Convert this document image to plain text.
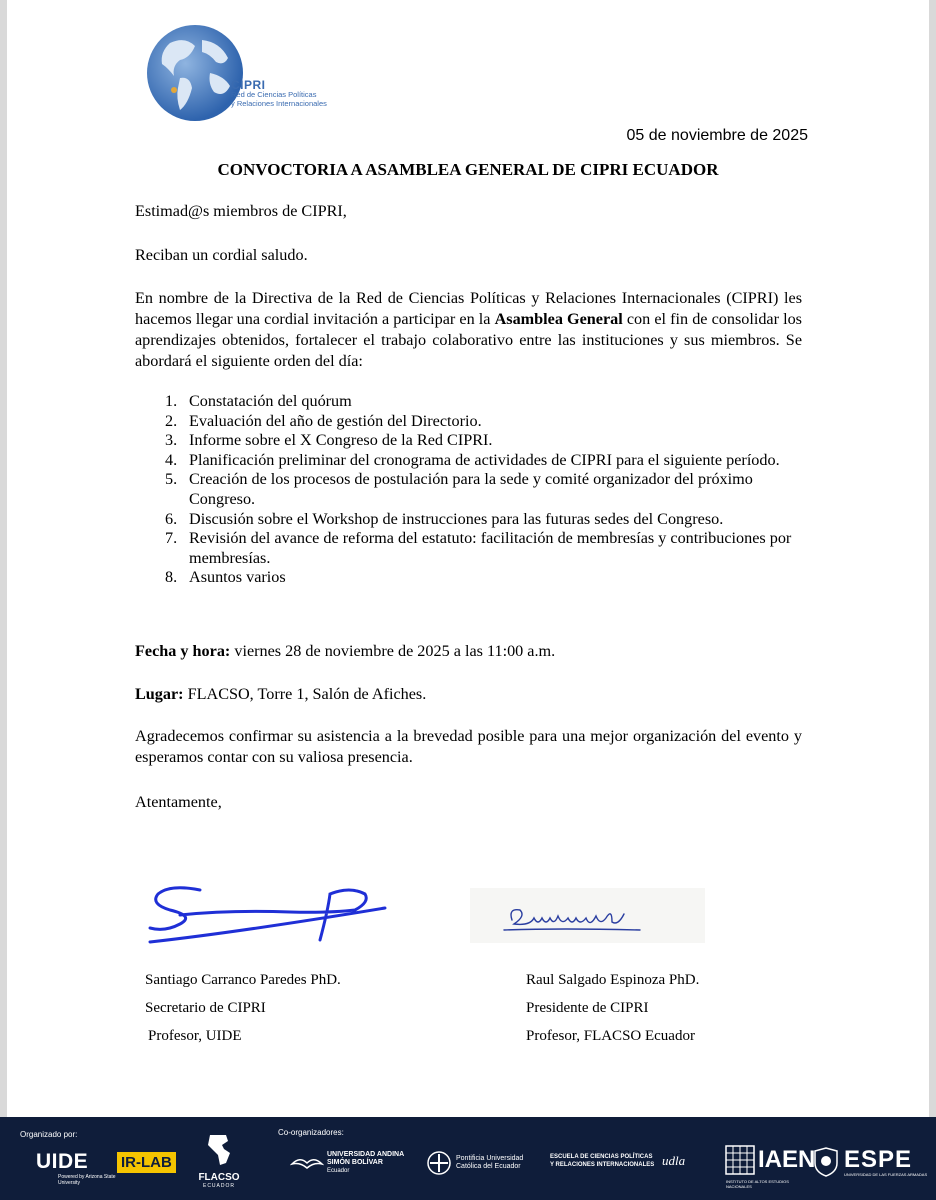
CIPRI

Red de Ciencias Políticas
y Relaciones Internacionales
05 de noviembre de 2025
CONVOCTORIA A ASAMBLEA GENERAL DE CIPRI ECUADOR

Estimad@s miembros de CIPRI,

Reciban un cordial saludo.

En nombre de la Directiva de la Red de Ciencias Políticas y Relaciones Internacionales (CIPRI) les hacemos llegar una cordial invitación a participar en la Asamblea General con el fin de consolidar los aprendizajes obtenidos, fortalecer el trabajo colaborativo entre las instituciones y sus miembros. Se abordará el siguiente orden del día:

1. Constatación del quórum
2. Evaluación del año de gestión del Directorio.
3. Informe sobre el X Congreso de la Red CIPRI.
4. Planificación preliminar del cronograma de actividades de CIPRI para el siguiente período.
5. Creación de los procesos de postulación para la sede y comité organizador del próximo Congreso.
6. Discusión sobre el Workshop de instrucciones para las futuras sedes del Congreso.
7. Revisión del avance de reforma del estatuto: facilitación de membresías y contribuciones por membresías.
8. Asuntos varios

Fecha y hora: viernes 28 de noviembre de 2025 a las 11:00 a.m.

Lugar: FLACSO, Torre 1, Salón de Afiches.

Agradecemos confirmar su asistencia a la brevedad posible para una mejor organización del evento y esperamos contar con su valiosa presencia.

Atentamente,

Santiago Carranco Paredes PhD.
Secretario de CIPRI
Profesor, UIDE
Raul Salgado Espinoza PhD.
Presidente de CIPRI
Profesor, FLACSO Ecuador
Organizado por:	Co-organizadores:
UIDE
Powered by Arizona State University
IR-LAB
FLACSO
ECUADOR
UNIVERSIDAD ANDINA
SIMÓN BOLÍVAR
Ecuador
Pontificia Universidad
Católica del Ecuador
ESCUELA DE CIENCIAS POLÍTICAS
Y RELACIONES INTERNACIONALES udla	IAEN
INSTITUTO DE ALTOS ESTUDIOS NACIONALES
ESPE
UNIVERSIDAD DE LAS FUERZAS ARMADAS
